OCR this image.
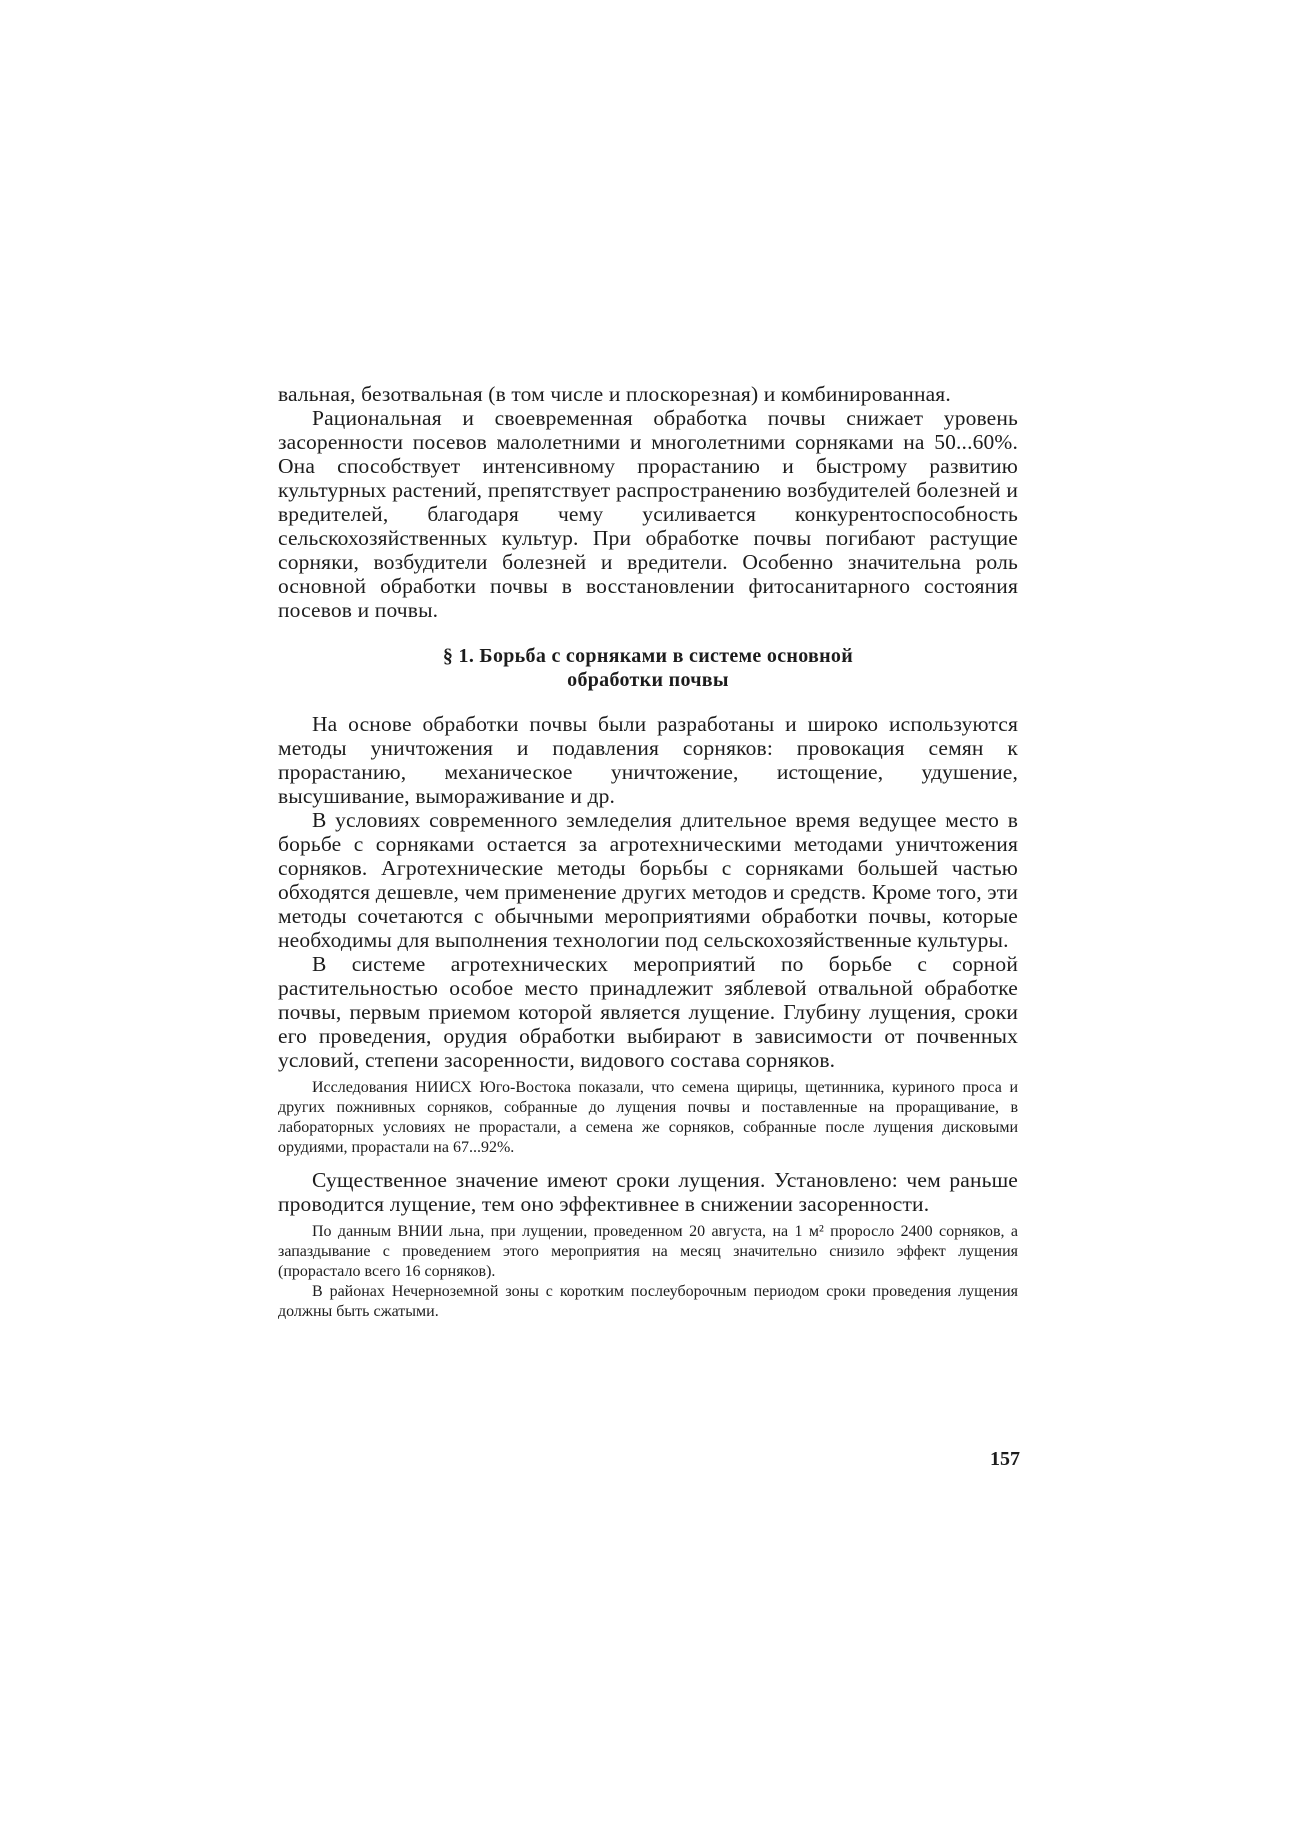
вальная, безотвальная (в том числе и плоскорезная) и комбинированная.

Рациональная и своевременная обработка почвы снижает уровень засоренности посевов малолетними и многолетними сорняками на 50...60%. Она способствует интенсивному прорастанию и быстрому развитию культурных растений, препятствует распространению возбудителей болезней и вредителей, благодаря чему усиливается конкурентоспособность сельскохозяйственных культур. При обработке почвы погибают растущие сорняки, возбудители болезней и вредители. Особенно значительна роль основной обработки почвы в восстановлении фитосанитарного состояния посевов и почвы.

§ 1. Борьба с сорняками в системе основной
обработки почвы

На основе обработки почвы были разработаны и широко используются методы уничтожения и подавления сорняков: провокация семян к прорастанию, механическое уничтожение, истощение, удушение, высушивание, вымораживание и др.

В условиях современного земледелия длительное время ведущее место в борьбе с сорняками остается за агротехническими методами уничтожения сорняков. Агротехнические методы борьбы с сорняками большей частью обходятся дешевле, чем применение других методов и средств. Кроме того, эти методы сочетаются с обычными мероприятиями обработки почвы, которые необходимы для выполнения технологии под сельскохозяйственные культуры.

В системе агротехнических мероприятий по борьбе с сорной растительностью особое место принадлежит зяблевой отвальной обработке почвы, первым приемом которой является лущение. Глубину лущения, сроки его проведения, орудия обработки выбирают в зависимости от почвенных условий, степени засоренности, видового состава сорняков.

Исследования НИИСХ Юго-Востока показали, что семена щирицы, щетинника, куриного проса и других пожнивных сорняков, собранные до лущения почвы и поставленные на проращивание, в лабораторных условиях не прорастали, а семена же сорняков, собранные после лущения дисковыми орудиями, прорастали на 67...92%.

Существенное значение имеют сроки лущения. Установлено: чем раньше проводится лущение, тем оно эффективнее в снижении засоренности.

По данным ВНИИ льна, при лущении, проведенном 20 августа, на 1 м² проросло 2400 сорняков, а запаздывание с проведением этого мероприятия на месяц значительно снизило эффект лущения (прорастало всего 16 сорняков).

В районах Нечерноземной зоны с коротким послеуборочным периодом сроки проведения лущения должны быть сжатыми.

157
